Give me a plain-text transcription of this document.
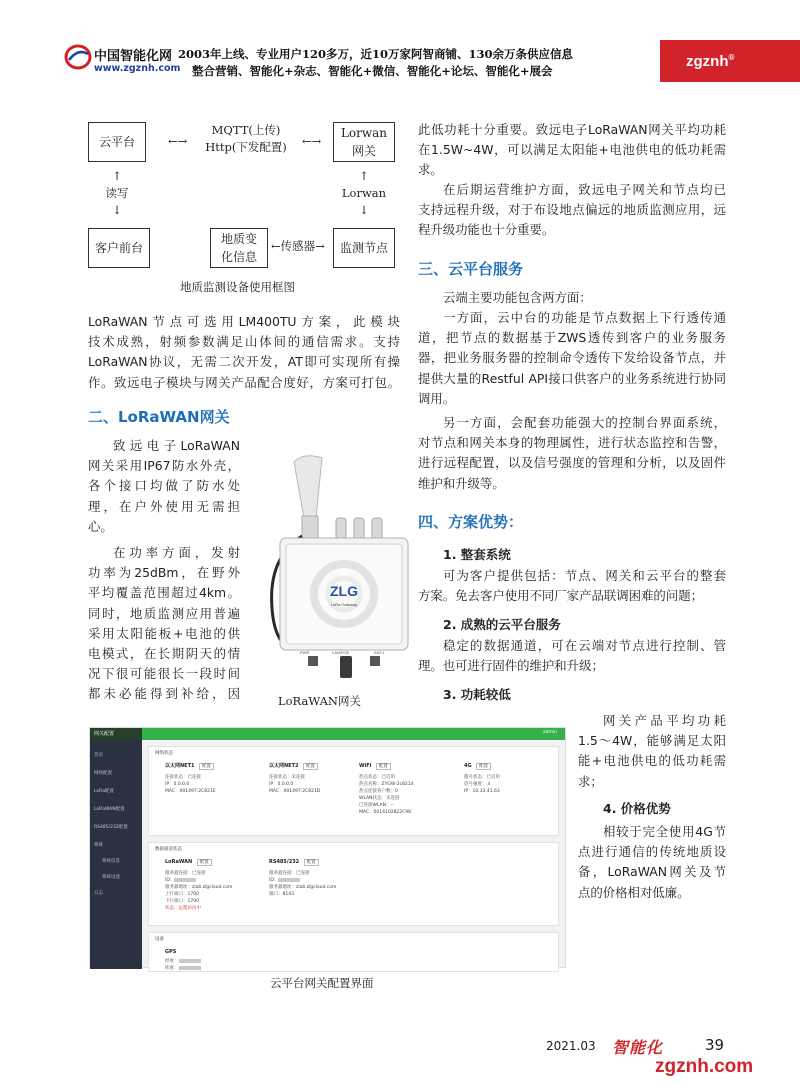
中国智能化网
www.zgznh.com
2003年上线、专业用户120多万，近10万家阿智商铺、130余万条供应信息
整合营销、智能化+杂志、智能化+微信、智能化+论坛、智能化+展会
zgznh®
云平台	←→
MQTT(上传)
Http(下发配置)	←→
Lorwan
网关
↑
读写
↓
↑
Lorwan
↓
客户前台
地质变
化信息
←传感器→	监测节点
地质监测设备使用框图
LoRaWAN节点可选用LM400TU方案，此模块
技术成熟，射频参数满足山体间的通信需求。支持
LoRaWAN协议，无需二次开发，AT即可实现所有操
作。致远电子模块与网关产品配合度好，方案可打包。
二、LoRaWAN网关
致远电子LoRaWAN
网关采用IP67防水外壳，
各个接口均做了防水处
理，在户外使用无需担
心。
在功率方面，发射
功率为25dBm，在野外
平均覆盖范围超过4km。
同时，地质监测应用普遍
采用太阳能板+电池的供
电模式，在长期阴天的情
况下很可能很长一段时间
都未必能得到补给，因
ZLG
LoRa Gateway
PWR	LAN/POE	ANT1
LoRaWAN网关
此低功耗十分重要。致远电子LoRaWAN网关平均功耗
在1.5W~4W，可以满足太阳能+电池供电的低功耗需
求。
在后期运营维护方面，致远电子网关和节点均已
支持远程升级，对于布设地点偏远的地质监测应用，远
程升级功能也十分重要。
三、云平台服务
云端主要功能包含两方面：
一方面，云中台的功能是节点数据上下行透传通
道，把节点的数据基于ZWS透传到客户的业务服务
器，把业务服务器的控制命令透传下发给设备节点，并
提供大量的Restful API接口供客户的业务系统进行协同
调用。
另一方面，会配套功能强大的控制台界面系统，
对节点和网关本身的物理属性，进行状态监控和告警，
进行远程配置，以及信号强度的管理和分析，以及固件
维护和升级等。
四、方案优势：
1. 整套系统
可为客户提供包括：节点、网关和云平台的整套
方案。免去客户使用不同厂家产品联调困难的问题；
2. 成熟的云平台服务
稳定的数据通道，可在云端对节点进行控制、管
理。也可进行固件的维护和升级；
3. 功耗较低
网关产品平均功耗
1.5～4W，能够满足太阳
能+电池供电的低功耗需
求；
4. 价格优势
相较于完全使用4G节
点进行通信的传统地质设
备，LoRaWAN网关及节
点的价格相对低廉。
首页
网络配置
LoRa配置
LoRaWAN配置
RS485/232配置
系统
系统信息
系统设置
日志
网关配置	admin
网络状态
以太网NET1 配置
连接状态：已连接
IP：0.0.0.0
MAC：001497:2C821E
以太网NET2 配置
连接状态：未连接
IP：0.0.0.0
MAC：001497:2C821D
WiFi 配置
热点状态：已启用
热点名称：ZYGW-2c821d
热点连接客户数：0
WLAN状态：未连接
已连接WLAN：--
MAC：0014102822C98
4G 配置
拨号状态：已启用
信号强度：.ıl
IP：10.33.41.63
数据通道状态
LoRaWAN 配置
服务器连接：已连接
ID：
服务器地址：zlab.zlgcloud.com
上行端口：1700
下行端口：1700
状态：远程访问中
RS485/232 配置
服务器连接：已连接
ID：
服务器地址：zlab.zlgcloud.com
端口：8143
设备
GPS
经度：
纬度：
云平台网关配置界面
2021.03 智能化	39
zgznh.com
